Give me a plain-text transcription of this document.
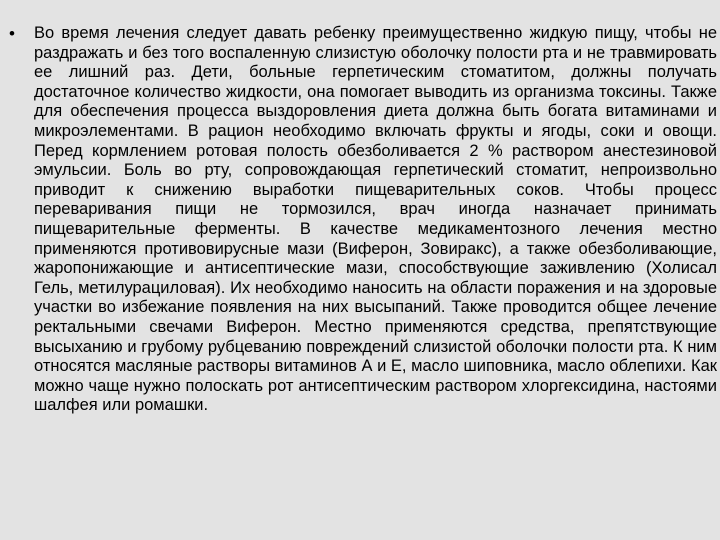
• Во время лечения следует давать ребенку преимущественно жидкую пищу, чтобы не раздражать и без того воспаленную слизистую оболочку полости рта и не травмировать ее лишний раз. Дети, больные герпетическим стоматитом, должны получать достаточное количество жидкости, она помогает выводить из организма токсины. Также для обеспечения процесса выздоровления диета должна быть богата витаминами и микроэлементами. В рацион необходимо включать фрукты и ягоды, соки и овощи. Перед кормлением ротовая полость обезболивается 2 % раствором анестезиновой эмульсии. Боль во рту, сопровождающая герпетический стоматит, непроизвольно приводит к снижению выработки пищеварительных соков. Чтобы процесс переваривания пищи не тормозился, врач иногда назначает принимать пищеварительные ферменты. В качестве медикаментозного лечения местно применяются противовирусные мази (Виферон, Зовиракс), а также обезболивающие, жаропонижающие и антисептические мази, способствующие заживлению (Холисал Гель, метилурациловая). Их необходимо наносить на области поражения и на здоровые участки во избежание появления на них высыпаний. Также проводится общее лечение ректальными свечами Виферон. Местно применяются средства, препятствующие высыханию и грубому рубцеванию повреждений слизистой оболочки полости рта. К ним относятся масляные растворы витаминов А и Е, масло шиповника, масло облепихи. Как можно чаще нужно полоскать рот антисептическим раствором хлоргексидина, настоями шалфея или ромашки.
